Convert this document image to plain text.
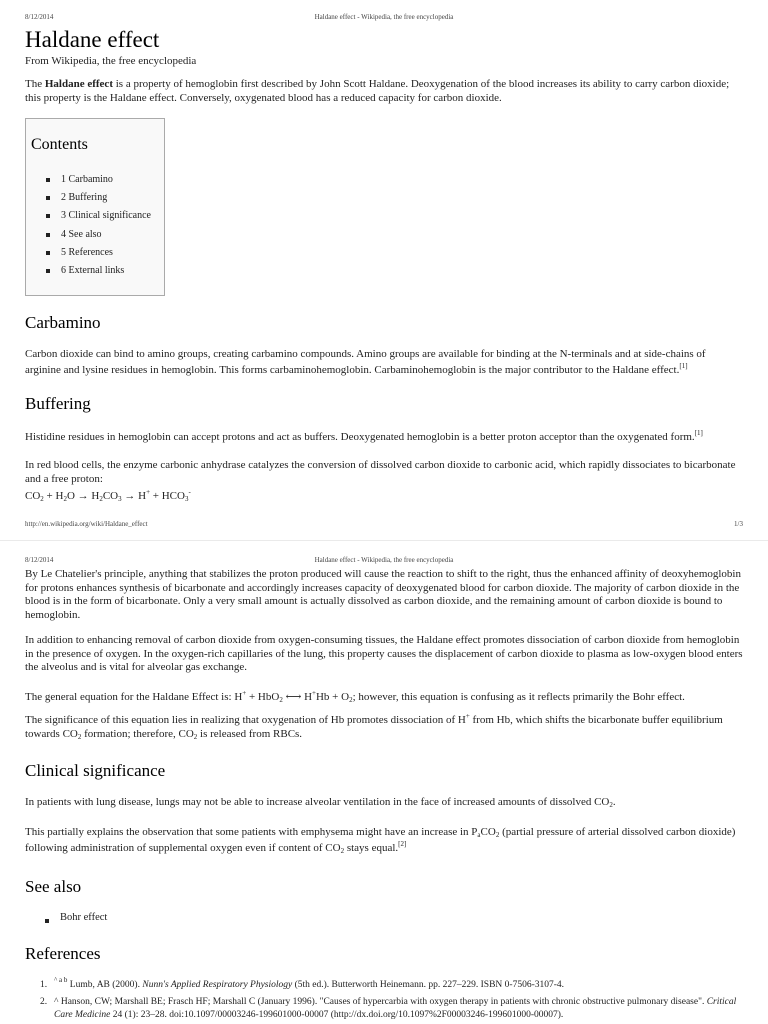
8/12/2014	Haldane effect - Wikipedia, the free encyclopedia
Haldane effect
From Wikipedia, the free encyclopedia

The Haldane effect is a property of hemoglobin first described by John Scott Haldane. Deoxygenation of the blood increases its ability to carry carbon dioxide; this property is the Haldane effect. Conversely, oxygenated blood has a reduced capacity for carbon dioxide.

Contents
1 Carbamino
2 Buffering
3 Clinical significance
4 See also
5 References
6 External links
Carbamino

Carbon dioxide can bind to amino groups, creating carbamino compounds. Amino groups are available for binding at the N-terminals and at side-chains of arginine and lysine residues in hemoglobin. This forms carbaminohemoglobin. Carbaminohemoglobin is the major contributor to the Haldane effect.[1]

Buffering

Histidine residues in hemoglobin can accept protons and act as buffers. Deoxygenated hemoglobin is a better proton acceptor than the oxygenated form.[1]

In red blood cells, the enzyme carbonic anhydrase catalyzes the conversion of dissolved carbon dioxide to carbonic acid, which rapidly dissociates to bicarbonate and a free proton:

$CO_2 + H_2O \to H_2CO_3 \to H^+ + HCO_3^-$
http://en.wikipedia.org/wiki/Haldane_effect	1/3
8/12/2014	Haldane effect - Wikipedia, the free encyclopedia

By Le Chatelier's principle, anything that stabilizes the proton produced will cause the reaction to shift to the right, thus the enhanced affinity of deoxyhemoglobin for protons enhances synthesis of bicarbonate and accordingly increases capacity of deoxygenated blood for carbon dioxide. The majority of carbon dioxide in the blood is in the form of bicarbonate. Only a very small amount is actually dissolved as carbon dioxide, and the remaining amount of carbon dioxide is bound to hemoglobin.

In addition to enhancing removal of carbon dioxide from oxygen-consuming tissues, the Haldane effect promotes dissociation of carbon dioxide from hemoglobin in the presence of oxygen. In the oxygen-rich capillaries of the lung, this property causes the displacement of carbon dioxide to plasma as low-oxygen blood enters the alveolus and is vital for alveolar gas exchange.

The general equation for the Haldane Effect is: H+ + HbO$_2$ ⟷ $H^+Hb + O_2$; however, this equation is confusing as it reflects primarily the Bohr effect.

The significance of this equation lies in realizing that oxygenation of Hb promotes dissociation of H+ from Hb, which shifts the bicarbonate buffer equilibrium towards $CO_2$ formation; therefore, $CO_2$ is released from RBCs.

Clinical significance

In patients with lung disease, lungs may not be able to increase alveolar ventilation in the face of increased amounts of dissolved $CO_2$.

This partially explains the observation that some patients with emphysema might have an increase in $P_aCO_2$ (partial pressure of arterial dissolved carbon dioxide) following administration of supplemental oxygen even if content of $CO_2$ stays equal.[2]

See also
Bohr effect
References
1. $^{\^{} a b}$ Lumb, AB (2000). Nunn's Applied Respiratory Physiology (5th ed.). Butterworth Heinemann. pp. 227–229. ISBN 0-7506-3107-4.
2. ^ Hanson, CW; Marshall BE; Frasch HF; Marshall C (January 1996). "Causes of hypercarbia with oxygen therapy in patients with chronic obstructive pulmonary disease". Critical Care Medicine 24 (1): 23–28. doi:10.1097/00003246-199601000-00007 (http://dx.doi.org/10.1097%2F00003246-199601000-00007).
